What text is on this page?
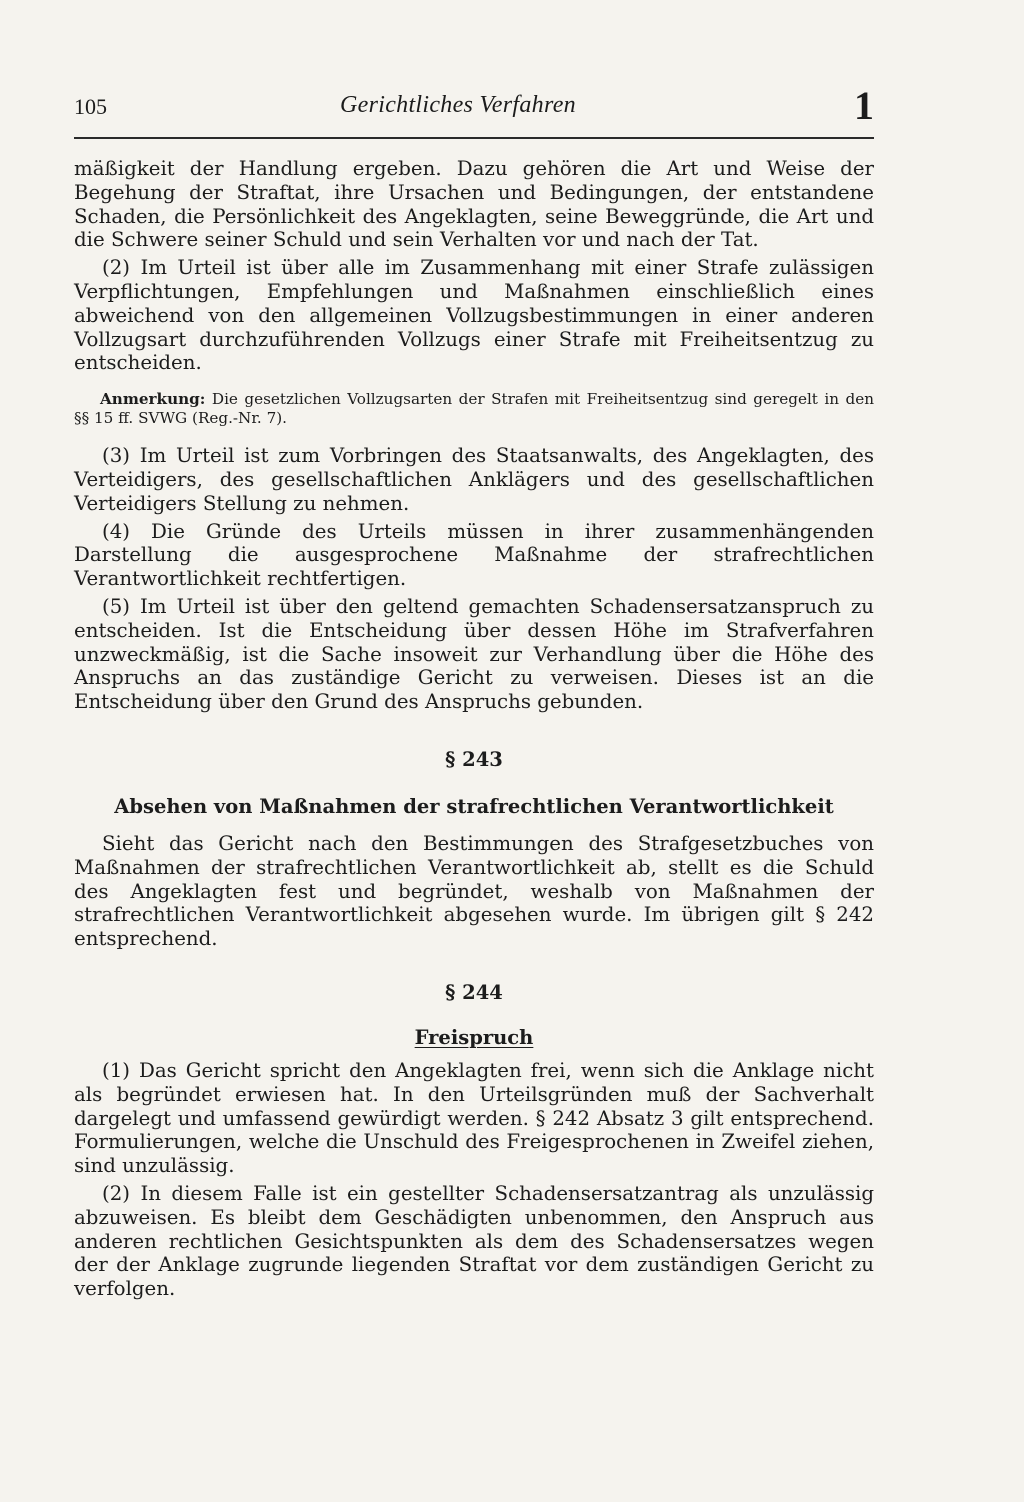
105	Gerichtliches Verfahren	1

mäßigkeit der Handlung ergeben. Dazu gehören die Art und Weise der Begehung der Straftat, ihre Ursachen und Bedingungen, der entstandene Schaden, die Persönlichkeit des Angeklagten, seine Beweggründe, die Art und die Schwere seiner Schuld und sein Verhalten vor und nach der Tat.

(2) Im Urteil ist über alle im Zusammenhang mit einer Strafe zulässigen Verpflichtungen, Empfehlungen und Maßnahmen einschließlich eines abweichend von den allgemeinen Vollzugsbestimmungen in einer anderen Vollzugsart durchzuführenden Vollzugs einer Strafe mit Freiheitsentzug zu entscheiden.

Anmerkung: Die gesetzlichen Vollzugsarten der Strafen mit Freiheitsentzug sind geregelt in den §§ 15 ff. SVWG (Reg.-Nr. 7).

(3) Im Urteil ist zum Vorbringen des Staatsanwalts, des Angeklagten, des Verteidigers, des gesellschaftlichen Anklägers und des gesellschaftlichen Verteidigers Stellung zu nehmen.

(4) Die Gründe des Urteils müssen in ihrer zusammenhängenden Darstellung die ausgesprochene Maßnahme der strafrechtlichen Verantwortlichkeit rechtfertigen.

(5) Im Urteil ist über den geltend gemachten Schadensersatzanspruch zu entscheiden. Ist die Entscheidung über dessen Höhe im Strafverfahren unzweckmäßig, ist die Sache insoweit zur Verhandlung über die Höhe des Anspruchs an das zuständige Gericht zu verweisen. Dieses ist an die Entscheidung über den Grund des Anspruchs gebunden.

§ 243

Absehen von Maßnahmen der strafrechtlichen Verantwortlichkeit

Sieht das Gericht nach den Bestimmungen des Strafgesetzbuches von Maßnahmen der strafrechtlichen Verantwortlichkeit ab, stellt es die Schuld des Angeklagten fest und begründet, weshalb von Maßnahmen der strafrechtlichen Verantwortlichkeit abgesehen wurde. Im übrigen gilt § 242 entsprechend.

§ 244

Freispruch

(1) Das Gericht spricht den Angeklagten frei, wenn sich die Anklage nicht als begründet erwiesen hat. In den Urteilsgründen muß der Sachverhalt dargelegt und umfassend gewürdigt werden. § 242 Absatz 3 gilt entsprechend. Formulierungen, welche die Unschuld des Freigesprochenen in Zweifel ziehen, sind unzulässig.

(2) In diesem Falle ist ein gestellter Schadensersatzantrag als unzulässig abzuweisen. Es bleibt dem Geschädigten unbenommen, den Anspruch aus anderen rechtlichen Gesichtspunkten als dem des Schadensersatzes wegen der der Anklage zugrunde liegenden Straftat vor dem zuständigen Gericht zu verfolgen.
